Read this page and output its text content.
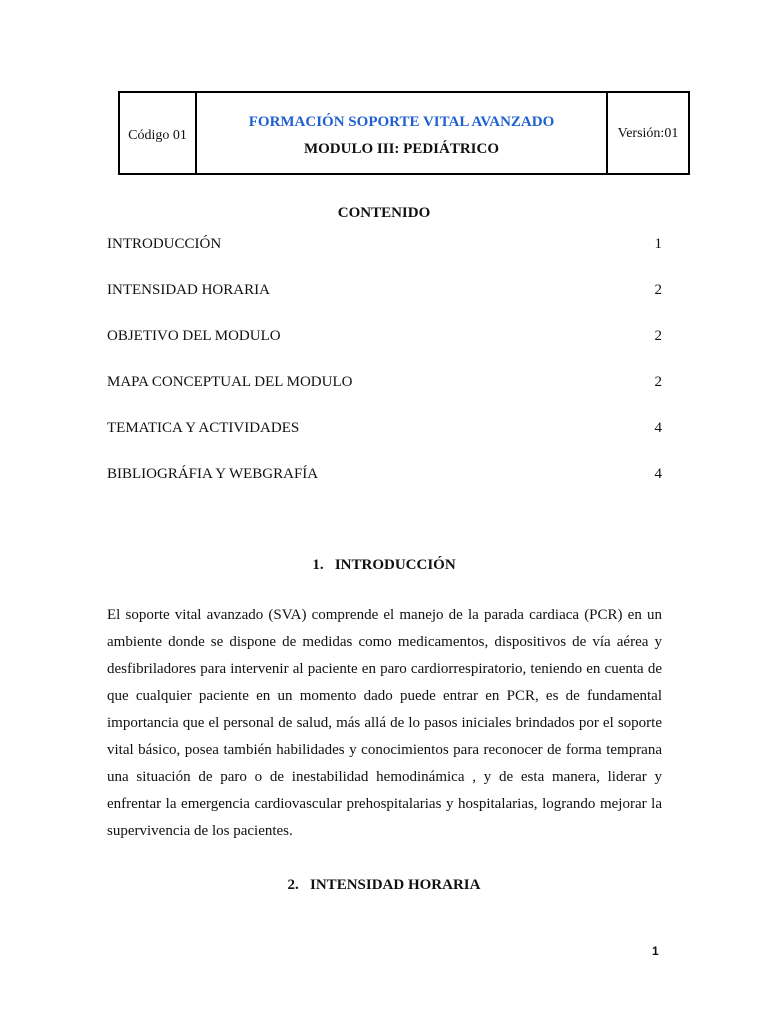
Código 01
FORMACIÓN SOPORTE VITAL AVANZADO
MODULO III: PEDIÁTRICO
Versión:01
CONTENIDO
INTRODUCCIÓN	1
INTENSIDAD HORARIA	2
OBJETIVO DEL MODULO	2
MAPA CONCEPTUAL DEL MODULO	2
TEMATICA Y ACTIVIDADES	4
BIBLIOGRÁFIA Y WEBGRAFÍA	4
1.   INTRODUCCIÓN

El soporte vital avanzado (SVA) comprende el manejo de la parada cardiaca (PCR) en un ambiente donde se dispone de medidas como medicamentos, dispositivos de vía aérea y desfibriladores para intervenir al paciente en paro cardiorrespiratorio, teniendo en cuenta de que cualquier paciente en un momento dado puede entrar en PCR, es de fundamental importancia que el personal de salud, más allá de lo pasos iniciales brindados por el soporte vital básico, posea también habilidades y conocimientos para reconocer de forma temprana una situación de paro o de inestabilidad hemodinámica , y de esta manera, liderar y enfrentar la emergencia cardiovascular prehospitalarias y hospitalarias, logrando mejorar la supervivencia de los pacientes.

2.   INTENSIDAD HORARIA
1
